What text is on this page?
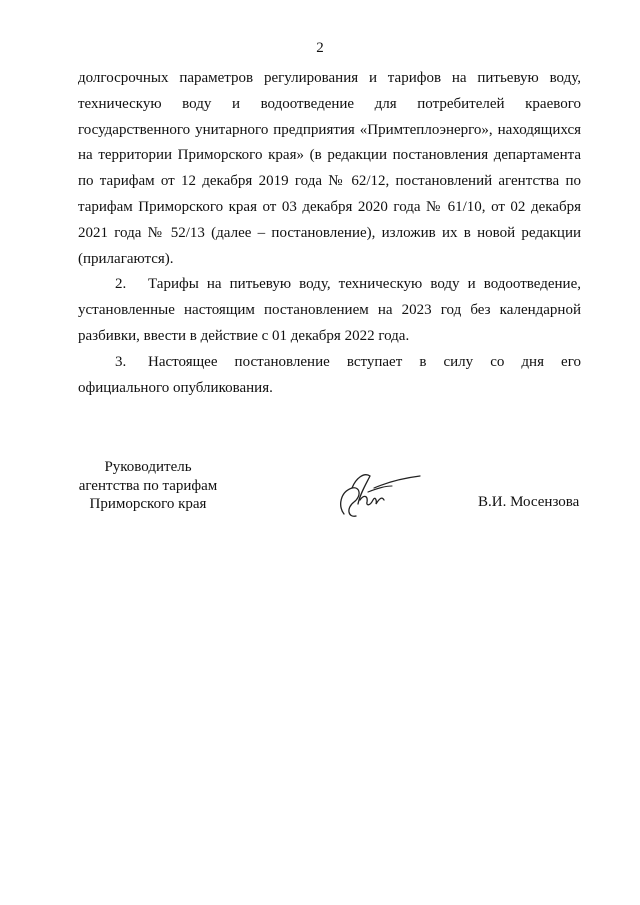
2

долгосрочных параметров регулирования и тарифов на питьевую воду,
техническую воду и водоотведение для потребителей краевого
государственного унитарного предприятия «Примтеплоэнерго», находящихся
на территории Приморского края» (в редакции постановления департамента
по тарифам от 12 декабря 2019 года № 62/12, постановлений агентства по
тарифам Приморского края от 03 декабря 2020 года № 61/10, от 02 декабря
2021 года № 52/13 (далее – постановление), изложив их в новой редакции
(прилагаются).

2. Тарифы на питьевую воду, техническую воду и водоотведение,
установленные настоящим постановлением на 2023 год без календарной
разбивки, ввести в действие с 01 декабря 2022 года.

3.	Настоящее постановление вступает в силу со дня его
официального опубликования.

Руководитель
агентства по тарифам
Приморского края	В.И. Мосензова
